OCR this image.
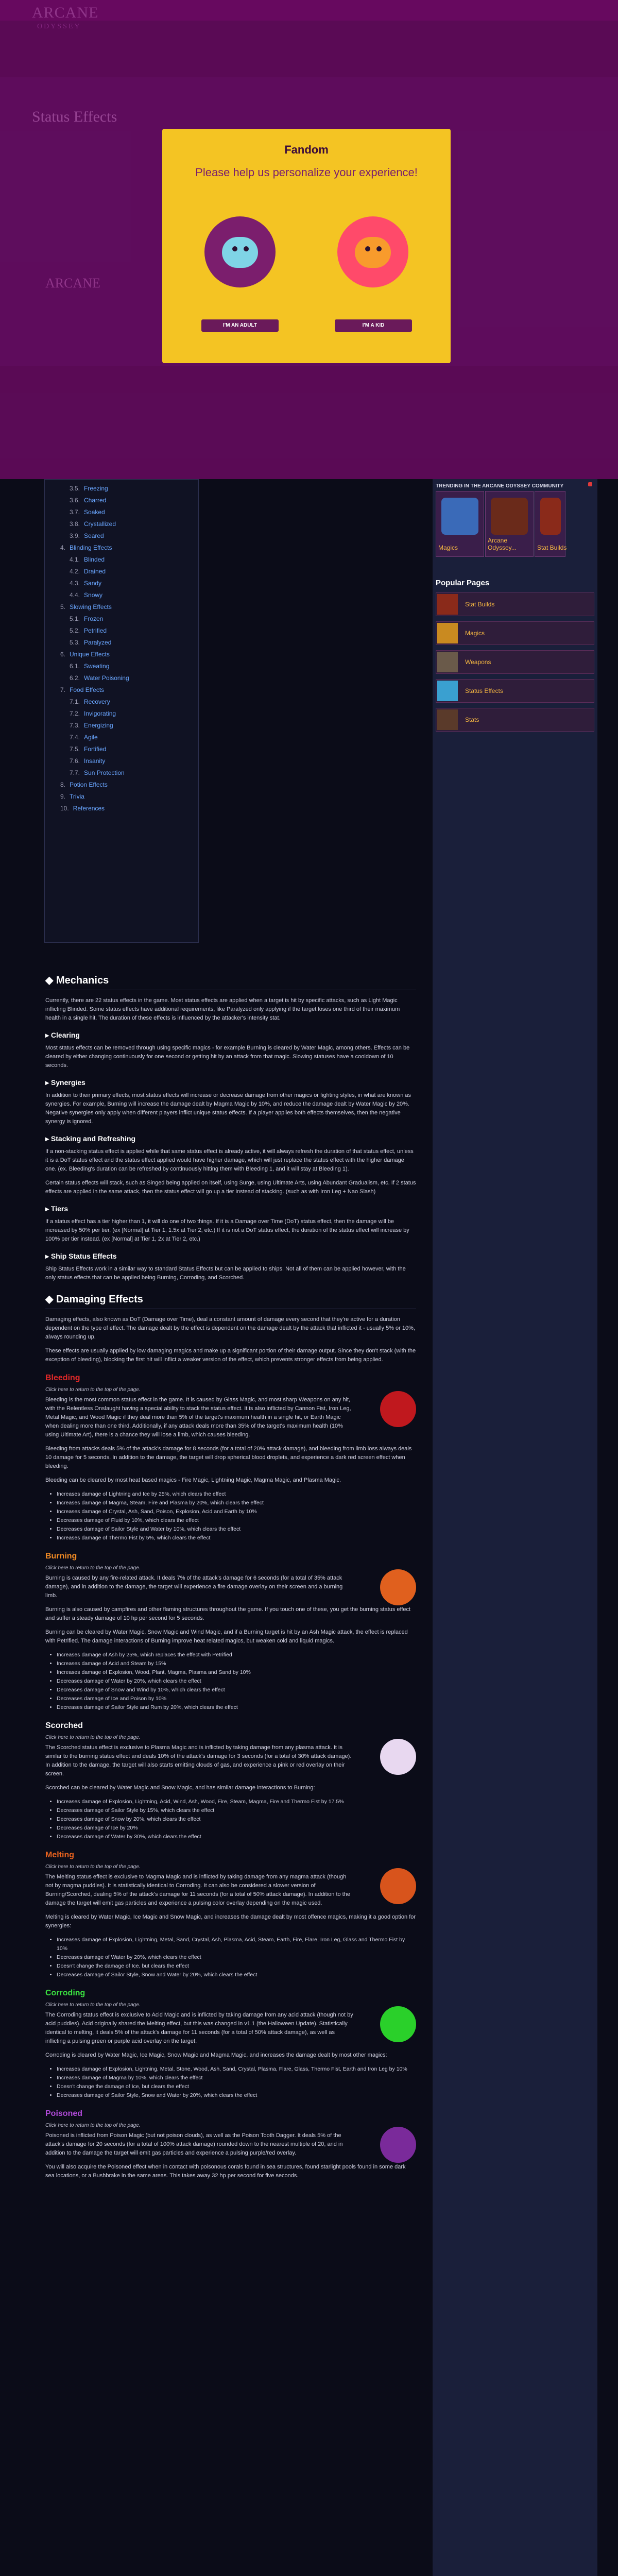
Fandom
Please help us personalize your experience!
I'M AN ADULT	I'M A KID
TRENDING IN THE ARCANE ODYSSEY COMMUNITY
Magics
Arcane Odyssey...	Stat Builds
Popular Pages
Stat Builds
Magics
Weapons
Status Effects
Stats
3.5. Freezing
3.6. Charred
3.7. Soaked
3.8. Crystallized
3.9. Seared
4. Blinding Effects
4.1. Blinded
4.2. Drained
4.3. Sandy
4.4. Snowy
5. Slowing Effects
5.1. Frozen
5.2. Petrified
5.3. Paralyzed
6. Unique Effects
6.1. Sweating
6.2. Water Poisoning
7. Food Effects
7.1. Recovery
7.2. Invigorating
7.3. Energizing
7.4. Agile
7.5. Fortified
7.6. Insanity
7.7. Sun Protection
8. Potion Effects
9. Trivia
10. References
◆ Mechanics

Currently, there are 22 status effects in the game. Most status effects are applied when a target is hit by specific attacks, such as Light Magic inflicting Blinded. Some status effects have additional requirements, like Paralyzed only applying if the target loses one third of their maximum health in a single hit. The duration of these effects is influenced by the attacker's intensity stat.

▸ Clearing

Most status effects can be removed through using specific magics - for example Burning is cleared by Water Magic, among others. Effects can be cleared by either changing continuously for one second or getting hit by an attack from that magic. Slowing statuses have a cooldown of 10 seconds.

▸ Synergies

In addition to their primary effects, most status effects will increase or decrease damage from other magics or fighting styles, in what are known as synergies. For example, Burning will increase the damage dealt by Magma Magic by 10%, and reduce the damage dealt by Water Magic by 20%. Negative synergies only apply when different players inflict unique status effects. If a player applies both effects themselves, then the negative synergy is ignored.

▸ Stacking and Refreshing

If a non-stacking status effect is applied while that same status effect is already active, it will always refresh the duration of that status effect, unless it is a DoT status effect and the status effect applied would have higher damage, which will just replace the status effect with the higher damage one. (ex. Bleeding's duration can be refreshed by continuously hitting them with Bleeding 1, and it will stay at Bleeding 1).

Certain status effects will stack, such as Singed being applied on itself, using Surge, using Ultimate Arts, using Abundant Gradualism, etc. If 2 status effects are applied in the same attack, then the status effect will go up a tier instead of stacking. (such as with Iron Leg + Nao Slash)

▸ Tiers

If a status effect has a tier higher than 1, it will do one of two things. If it is a Damage over Time (DoT) status effect, then the damage will be increased by 50% per tier. (ex [Normal] at Tier 1, 1.5x at Tier 2, etc.) If it is not a DoT status effect, the duration of the status effect will increase by 100% per tier instead. (ex [Normal] at Tier 1, 2x at Tier 2, etc.)

▸ Ship Status Effects

Ship Status Effects work in a similar way to standard Status Effects but can be applied to ships. Not all of them can be applied however, with the only status effects that can be applied being Burning, Corroding, and Scorched.

◆ Damaging Effects

Damaging effects, also known as DoT (Damage over Time), deal a constant amount of damage every second that they're active for a duration dependent on the type of effect. The damage dealt by the effect is dependent on the damage dealt by the attack that inflicted it - usually 5% or 10%, always rounding up.

These effects are usually applied by low damaging magics and make up a significant portion of their damage output. Since they don't stack (with the exception of bleeding), blocking the first hit will inflict a weaker version of the effect, which prevents stronger effects from being applied.

Bleeding
Click here to return to the top of the page.

Bleeding is the most common status effect in the game. It is caused by Glass Magic, and most sharp Weapons on any hit, with the Relentless Onslaught having a special ability to stack the status effect. It is also inflicted by Cannon Fist, Iron Leg, Metal Magic, and Wood Magic if they deal more than 5% of the target's maximum health in a single hit, or Earth Magic when dealing more than one third. Additionally, if any attack deals more than 35% of the target's maximum health (10% using Ultimate Art), there is a chance they will lose a limb, which causes bleeding.

Bleeding from attacks deals 5% of the attack's damage for 8 seconds (for a total of 20% attack damage), and bleeding from limb loss always deals 10 damage for 5 seconds. In addition to the damage, the target will drop spherical blood droplets, and experience a dark red screen effect when bleeding.

Bleeding can be cleared by most heat based magics - Fire Magic, Lightning Magic, Magma Magic, and Plasma Magic.

• Increases damage of Lightning and Ice by 25%, which clears the effect
• Increases damage of Magma, Steam, Fire and Plasma by 20%, which clears the effect
• Increases damage of Crystal, Ash, Sand, Poison, Explosion, Acid and Earth by 10%
• Decreases damage of Fluid by 10%, which clears the effect
• Decreases damage of Sailor Style and Water by 10%, which clears the effect
• Increases damage of Thermo Fist by 5%, which clears the effect
Burning
Click here to return to the top of the page.

Burning is caused by any fire-related attack. It deals 7% of the attack's damage for 6 seconds (for a total of 35% attack damage), and in addition to the damage, the target will experience a fire damage overlay on their screen and a burning limb.

Burning is also caused by campfires and other flaming structures throughout the game. If you touch one of these, you get the burning status effect and suffer a steady damage of 10 hp per second for 5 seconds.

Burning can be cleared by Water Magic, Snow Magic and Wind Magic, and if a Burning target is hit by an Ash Magic attack, the effect is replaced with Petrified. The damage interactions of Burning improve heat related magics, but weaken cold and liquid magics.

• Increases damage of Ash by 25%, which replaces the effect with Petrified
• Increases damage of Acid and Steam by 15%
• Increases damage of Explosion, Wood, Plant, Magma, Plasma and Sand by 10%
• Decreases damage of Water by 20%, which clears the effect
• Decreases damage of Snow and Wind by 10%, which clears the effect
• Decreases damage of Ice and Poison by 10%
• Decreases damage of Sailor Style and Rum by 20%, which clears the effect
Scorched
Click here to return to the top of the page.

The Scorched status effect is exclusive to Plasma Magic and is inflicted by taking damage from any plasma attack. It is similar to the burning status effect and deals 10% of the attack's damage for 3 seconds (for a total of 30% attack damage). In addition to the damage, the target will also starts emitting clouds of gas, and experience a pink or red overlay on their screen.

Scorched can be cleared by Water Magic and Snow Magic, and has similar damage interactions to Burning:

• Increases damage of Explosion, Lightning, Acid, Wind, Ash, Wood, Fire, Steam, Magma, Fire and Thermo Fist by 17.5%
• Decreases damage of Sailor Style by 15%, which clears the effect
• Decreases damage of Snow by 20%, which clears the effect
• Decreases damage of Ice by 20%
• Decreases damage of Water by 30%, which clears the effect
Melting
Click here to return to the top of the page.

The Melting status effect is exclusive to Magma Magic and is inflicted by taking damage from any magma attack (though not by magma puddles). It is statistically identical to Corroding. It can also be considered a slower version of Burning/Scorched, dealing 5% of the attack's damage for 11 seconds (for a total of 50% attack damage). In addition to the damage the target will emit gas particles and experience a pulsing color overlay depending on the magic used.

Melting is cleared by Water Magic, Ice Magic and Snow Magic, and increases the damage dealt by most offence magics, making it a good option for synergies:

• Increases damage of Explosion, Lightning, Metal, Sand, Crystal, Ash, Plasma, Acid, Steam, Earth, Fire, Flare, Iron Leg, Glass and Thermo Fist by 10%
• Decreases damage of Water by 20%, which clears the effect
• Doesn't change the damage of Ice, but clears the effect
• Decreases damage of Sailor Style, Snow and Water by 20%, which clears the effect
Corroding
Click here to return to the top of the page.

The Corroding status effect is exclusive to Acid Magic and is inflicted by taking damage from any acid attack (though not by acid puddles). Acid originally shared the Melting effect, but this was changed in v1.1 (the Halloween Update). Statistically identical to melting, it deals 5% of the attack's damage for 11 seconds (for a total of 50% attack damage), as well as inflicting a pulsing green or purple acid overlay on the target.

Corroding is cleared by Water Magic, Ice Magic, Snow Magic and Magma Magic, and increases the damage dealt by most other magics:

• Increases damage of Explosion, Lightning, Metal, Stone, Wood, Ash, Sand, Crystal, Plasma, Flare, Glass, Thermo Fist, Earth and Iron Leg by 10%
• Increases damage of Magma by 10%, which clears the effect
• Doesn't change the damage of Ice, but clears the effect
• Decreases damage of Sailor Style, Snow and Water by 20%, which clears the effect
Poisoned
Click here to return to the top of the page.

Poisoned is inflicted from Poison Magic (but not poison clouds), as well as the Poison Tooth Dagger. It deals 5% of the attack's damage for 20 seconds (for a total of 100% attack damage) rounded down to the nearest multiple of 20, and in addition to the damage the target will emit gas particles and experience a pulsing purple/red overlay.

You will also acquire the Poisoned effect when in contact with poisonous corals found in sea structures, found starlight pools found in some dark sea locations, or a Bushbrake in the same areas. This takes away 32 hp per second for five seconds.
